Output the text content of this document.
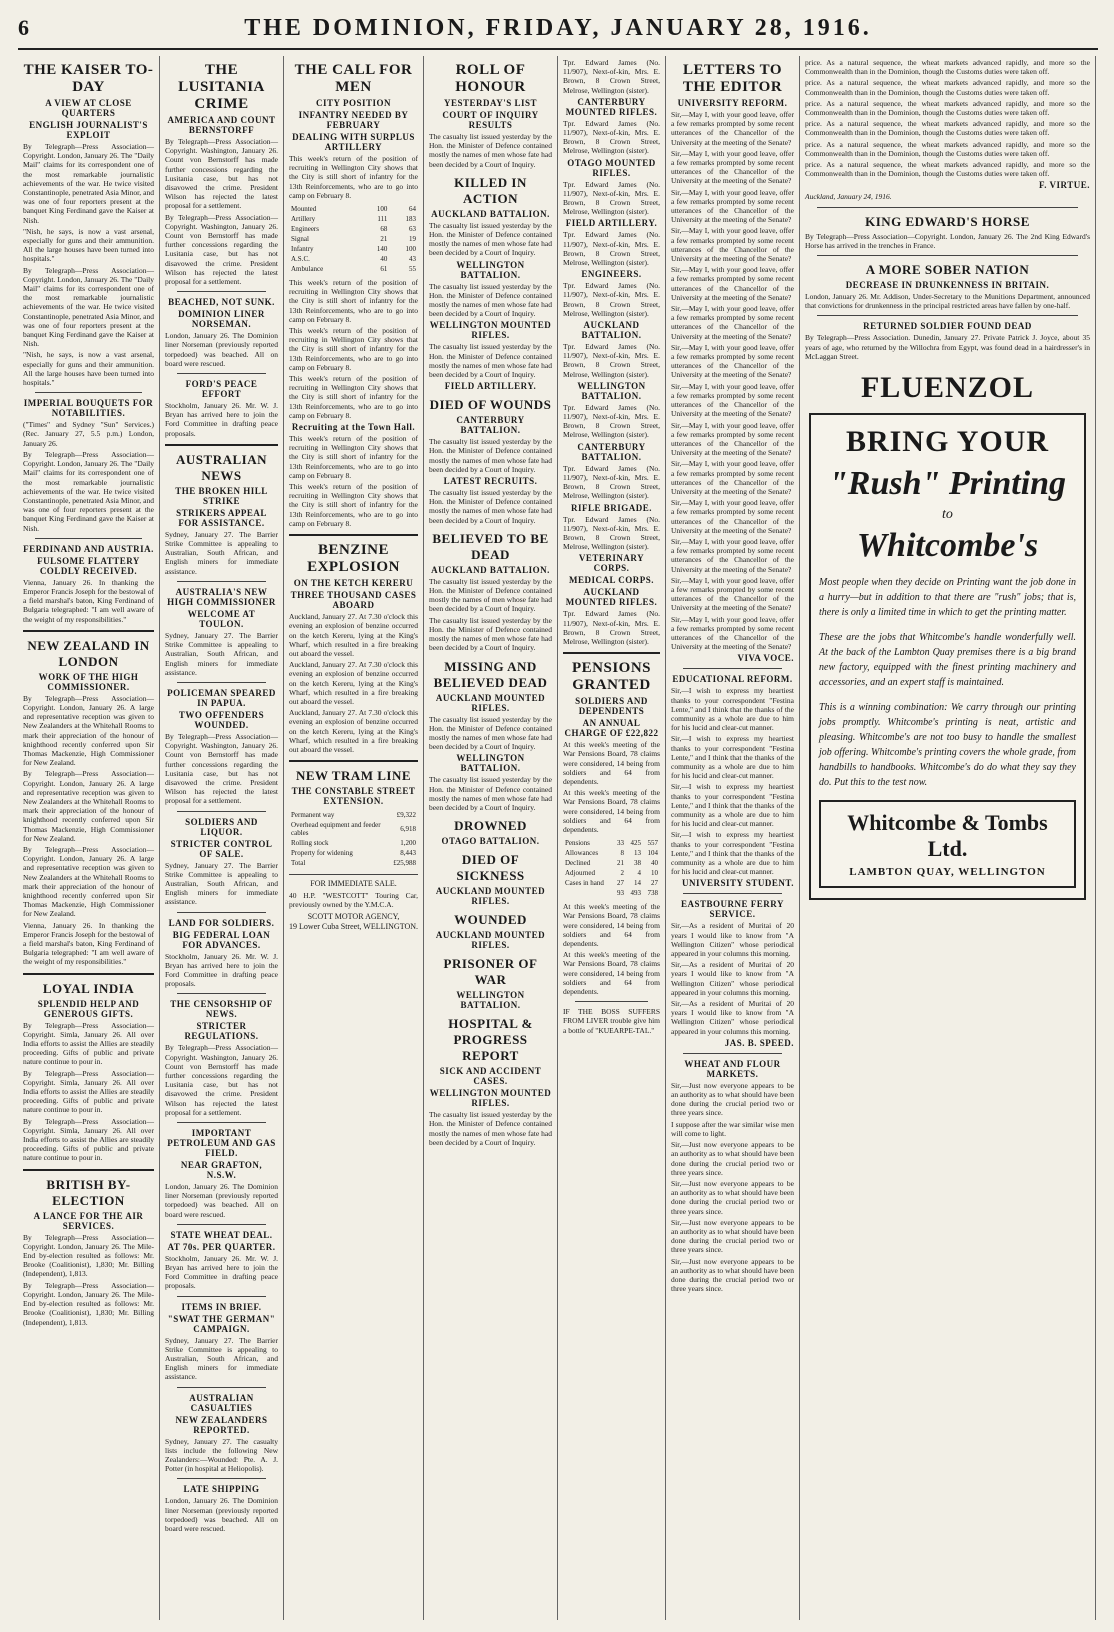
6	THE DOMINION, FRIDAY, JANUARY 28, 1916.
THE KAISER TO-DAY
A VIEW AT CLOSE QUARTERS
ENGLISH JOURNALIST'S EXPLOIT
By Telegraph—Press Association—Copyright. London, January 26. The "Daily Mail" claims for its correspondent one of the most remarkable journalistic achievements of the war. He twice visited Constantinople, penetrated Asia Minor, and was one of four reporters present at the banquet King Ferdinand gave the Kaiser at Nish.
"Nish, he says, is now a vast arsenal, especially for guns and their ammunition. All the large houses have been turned into hospitals."
By Telegraph—Press Association—Copyright. London, January 26. The "Daily Mail" claims for its correspondent one of the most remarkable journalistic achievements of the war. He twice visited Constantinople, penetrated Asia Minor, and was one of four reporters present at the banquet King Ferdinand gave the Kaiser at Nish.
"Nish, he says, is now a vast arsenal, especially for guns and their ammunition. All the large houses have been turned into hospitals."
IMPERIAL BOUQUETS FOR NOTABILITIES.
("Times" and Sydney "Sun" Services.) (Rec. January 27, 5.5 p.m.) London, January 26.
By Telegraph—Press Association—Copyright. London, January 26. The "Daily Mail" claims for its correspondent one of the most remarkable journalistic achievements of the war. He twice visited Constantinople, penetrated Asia Minor, and was one of four reporters present at the banquet King Ferdinand gave the Kaiser at Nish.
FERDINAND AND AUSTRIA.
FULSOME FLATTERY COLDLY RECEIVED.
Vienna, January 26. In thanking the Emperor Francis Joseph for the bestowal of a field marshal's baton, King Ferdinand of Bulgaria telegraphed: "I am well aware of the weight of my responsibilities."
NEW ZEALAND IN LONDON
WORK OF THE HIGH COMMISSIONER.
By Telegraph—Press Association—Copyright. London, January 26. A large and representative reception was given to New Zealanders at the Whitehall Rooms to mark their appreciation of the honour of knighthood recently conferred upon Sir Thomas Mackenzie, High Commissioner for New Zealand.
By Telegraph—Press Association—Copyright. London, January 26. A large and representative reception was given to New Zealanders at the Whitehall Rooms to mark their appreciation of the honour of knighthood recently conferred upon Sir Thomas Mackenzie, High Commissioner for New Zealand.
By Telegraph—Press Association—Copyright. London, January 26. A large and representative reception was given to New Zealanders at the Whitehall Rooms to mark their appreciation of the honour of knighthood recently conferred upon Sir Thomas Mackenzie, High Commissioner for New Zealand.
Vienna, January 26. In thanking the Emperor Francis Joseph for the bestowal of a field marshal's baton, King Ferdinand of Bulgaria telegraphed: "I am well aware of the weight of my responsibilities."
LOYAL INDIA
SPLENDID HELP AND GENEROUS GIFTS.
By Telegraph—Press Association—Copyright. Simla, January 26. All over India efforts to assist the Allies are steadily proceeding. Gifts of public and private nature continue to pour in.
By Telegraph—Press Association—Copyright. Simla, January 26. All over India efforts to assist the Allies are steadily proceeding. Gifts of public and private nature continue to pour in.
By Telegraph—Press Association—Copyright. Simla, January 26. All over India efforts to assist the Allies are steadily proceeding. Gifts of public and private nature continue to pour in.
BRITISH BY-ELECTION
A LANCE FOR THE AIR SERVICES.
By Telegraph—Press Association—Copyright. London, January 26. The Mile-End by-election resulted as follows: Mr. Brooke (Coalitionist), 1,830; Mr. Billing (Independent), 1,813.
By Telegraph—Press Association—Copyright. London, January 26. The Mile-End by-election resulted as follows: Mr. Brooke (Coalitionist), 1,830; Mr. Billing (Independent), 1,813.
THE LUSITANIA CRIME
AMERICA AND COUNT BERNSTORFF
By Telegraph—Press Association—Copyright. Washington, January 26. Count von Bernstorff has made further concessions regarding the Lusitania case, but has not disavowed the crime. President Wilson has rejected the latest proposal for a settlement.
By Telegraph—Press Association—Copyright. Washington, January 26. Count von Bernstorff has made further concessions regarding the Lusitania case, but has not disavowed the crime. President Wilson has rejected the latest proposal for a settlement.
BEACHED, NOT SUNK.
DOMINION LINER NORSEMAN.
London, January 26. The Dominion liner Norseman (previously reported torpedoed) was beached. All on board were rescued.
FORD'S PEACE EFFORT
Stockholm, January 26. Mr. W. J. Bryan has arrived here to join the Ford Committee in drafting peace proposals.
AUSTRALIAN NEWS
THE BROKEN HILL STRIKE
STRIKERS APPEAL FOR ASSISTANCE.
Sydney, January 27. The Barrier Strike Committee is appealing to Australian, South African, and English miners for immediate assistance.
AUSTRALIA'S NEW HIGH COMMISSIONER
WELCOME AT TOULON.
Sydney, January 27. The Barrier Strike Committee is appealing to Australian, South African, and English miners for immediate assistance.
POLICEMAN SPEARED IN PAPUA.
TWO OFFENDERS WOUNDED.
By Telegraph—Press Association—Copyright. Washington, January 26. Count von Bernstorff has made further concessions regarding the Lusitania case, but has not disavowed the crime. President Wilson has rejected the latest proposal for a settlement.
SOLDIERS AND LIQUOR.
STRICTER CONTROL OF SALE.
Sydney, January 27. The Barrier Strike Committee is appealing to Australian, South African, and English miners for immediate assistance.
LAND FOR SOLDIERS.
BIG FEDERAL LOAN FOR ADVANCES.
Stockholm, January 26. Mr. W. J. Bryan has arrived here to join the Ford Committee in drafting peace proposals.
THE CENSORSHIP OF NEWS.
STRICTER REGULATIONS.
By Telegraph—Press Association—Copyright. Washington, January 26. Count von Bernstorff has made further concessions regarding the Lusitania case, but has not disavowed the crime. President Wilson has rejected the latest proposal for a settlement.
IMPORTANT PETROLEUM AND GAS FIELD.
NEAR GRAFTON, N.S.W.
London, January 26. The Dominion liner Norseman (previously reported torpedoed) was beached. All on board were rescued.
STATE WHEAT DEAL.
AT 70s. PER QUARTER.
Stockholm, January 26. Mr. W. J. Bryan has arrived here to join the Ford Committee in drafting peace proposals.
ITEMS IN BRIEF.
"SWAT THE GERMAN" CAMPAIGN.
Sydney, January 27. The Barrier Strike Committee is appealing to Australian, South African, and English miners for immediate assistance.
AUSTRALIAN CASUALTIES
NEW ZEALANDERS REPORTED.
Sydney, January 27. The casualty lists include the following New Zealanders:—Wounded: Pte. A. J. Potter (in hospital at Heliopolis).
LATE SHIPPING
London, January 26. The Dominion liner Norseman (previously reported torpedoed) was beached. All on board were rescued.
THE CALL FOR MEN
CITY POSITION
INFANTRY NEEDED BY FEBRUARY
DEALING WITH SURPLUS ARTILLERY
This week's return of the position of recruiting in Wellington City shows that the City is still short of infantry for the 13th Reinforcements, who are to go into camp on February 8.
Mounted	100	64
Artillery	111	183
Engineers	68	63
Signal	21	19
Infantry	140	100
A.S.C.	40	43
Ambulance	61	55
This week's return of the position of recruiting in Wellington City shows that the City is still short of infantry for the 13th Reinforcements, who are to go into camp on February 8.
This week's return of the position of recruiting in Wellington City shows that the City is still short of infantry for the 13th Reinforcements, who are to go into camp on February 8.
This week's return of the position of recruiting in Wellington City shows that the City is still short of infantry for the 13th Reinforcements, who are to go into camp on February 8.
Recruiting at the Town Hall.
This week's return of the position of recruiting in Wellington City shows that the City is still short of infantry for the 13th Reinforcements, who are to go into camp on February 8.
This week's return of the position of recruiting in Wellington City shows that the City is still short of infantry for the 13th Reinforcements, who are to go into camp on February 8.
BENZINE EXPLOSION
ON THE KETCH KERERU
THREE THOUSAND CASES ABOARD
Auckland, January 27. At 7.30 o'clock this evening an explosion of benzine occurred on the ketch Kereru, lying at the King's Wharf, which resulted in a fire breaking out aboard the vessel.
Auckland, January 27. At 7.30 o'clock this evening an explosion of benzine occurred on the ketch Kereru, lying at the King's Wharf, which resulted in a fire breaking out aboard the vessel.
Auckland, January 27. At 7.30 o'clock this evening an explosion of benzine occurred on the ketch Kereru, lying at the King's Wharf, which resulted in a fire breaking out aboard the vessel.
NEW TRAM LINE
THE CONSTABLE STREET EXTENSION.
Permanent way	£9,322
Overhead equipment and feeder cables	6,918
Rolling stock	1,200
Property for widening	8,443
Total	£25,988
FOR IMMEDIATE SALE.
40 H.P. "WESTCOTT" Touring Car, previously owned by the Y.M.C.A.
SCOTT MOTOR AGENCY,
19 Lower Cuba Street, WELLINGTON.
ROLL OF HONOUR
YESTERDAY'S LIST
COURT OF INQUIRY RESULTS
The casualty list issued yesterday by the Hon. the Minister of Defence contained mostly the names of men whose fate had been decided by a Court of Inquiry.
KILLED IN ACTION
AUCKLAND BATTALION.
The casualty list issued yesterday by the Hon. the Minister of Defence contained mostly the names of men whose fate had been decided by a Court of Inquiry.
WELLINGTON BATTALION.
The casualty list issued yesterday by the Hon. the Minister of Defence contained mostly the names of men whose fate had been decided by a Court of Inquiry.
WELLINGTON MOUNTED RIFLES.
The casualty list issued yesterday by the Hon. the Minister of Defence contained mostly the names of men whose fate had been decided by a Court of Inquiry.
FIELD ARTILLERY.
DIED OF WOUNDS
CANTERBURY BATTALION.
The casualty list issued yesterday by the Hon. the Minister of Defence contained mostly the names of men whose fate had been decided by a Court of Inquiry.
LATEST RECRUITS.
The casualty list issued yesterday by the Hon. the Minister of Defence contained mostly the names of men whose fate had been decided by a Court of Inquiry.
BELIEVED TO BE DEAD
AUCKLAND BATTALION.
The casualty list issued yesterday by the Hon. the Minister of Defence contained mostly the names of men whose fate had been decided by a Court of Inquiry.
The casualty list issued yesterday by the Hon. the Minister of Defence contained mostly the names of men whose fate had been decided by a Court of Inquiry.
MISSING AND BELIEVED DEAD
AUCKLAND MOUNTED RIFLES.
The casualty list issued yesterday by the Hon. the Minister of Defence contained mostly the names of men whose fate had been decided by a Court of Inquiry.
WELLINGTON BATTALION.
The casualty list issued yesterday by the Hon. the Minister of Defence contained mostly the names of men whose fate had been decided by a Court of Inquiry.
DROWNED
OTAGO BATTALION.
DIED OF SICKNESS
AUCKLAND MOUNTED RIFLES.
WOUNDED
AUCKLAND MOUNTED RIFLES.
PRISONER OF WAR
WELLINGTON BATTALION.
HOSPITAL & PROGRESS REPORT
SICK AND ACCIDENT CASES.
WELLINGTON MOUNTED RIFLES.
The casualty list issued yesterday by the Hon. the Minister of Defence contained mostly the names of men whose fate had been decided by a Court of Inquiry.
Tpr. Edward James (No. 11/907), Next-of-kin, Mrs. E. Brown, 8 Crown Street, Melrose, Wellington (sister).
CANTERBURY MOUNTED RIFLES.
Tpr. Edward James (No. 11/907), Next-of-kin, Mrs. E. Brown, 8 Crown Street, Melrose, Wellington (sister).
OTAGO MOUNTED RIFLES.
Tpr. Edward James (No. 11/907), Next-of-kin, Mrs. E. Brown, 8 Crown Street, Melrose, Wellington (sister).
FIELD ARTILLERY.
Tpr. Edward James (No. 11/907), Next-of-kin, Mrs. E. Brown, 8 Crown Street, Melrose, Wellington (sister).
ENGINEERS.
Tpr. Edward James (No. 11/907), Next-of-kin, Mrs. E. Brown, 8 Crown Street, Melrose, Wellington (sister).
AUCKLAND BATTALION.
Tpr. Edward James (No. 11/907), Next-of-kin, Mrs. E. Brown, 8 Crown Street, Melrose, Wellington (sister).
WELLINGTON BATTALION.
Tpr. Edward James (No. 11/907), Next-of-kin, Mrs. E. Brown, 8 Crown Street, Melrose, Wellington (sister).
CANTERBURY BATTALION.
Tpr. Edward James (No. 11/907), Next-of-kin, Mrs. E. Brown, 8 Crown Street, Melrose, Wellington (sister).
RIFLE BRIGADE.
Tpr. Edward James (No. 11/907), Next-of-kin, Mrs. E. Brown, 8 Crown Street, Melrose, Wellington (sister).
VETERINARY CORPS.
MEDICAL CORPS.
AUCKLAND MOUNTED RIFLES.
Tpr. Edward James (No. 11/907), Next-of-kin, Mrs. E. Brown, 8 Crown Street, Melrose, Wellington (sister).
PENSIONS GRANTED
SOLDIERS AND DEPENDENTS
AN ANNUAL CHARGE OF £22,822
At this week's meeting of the War Pensions Board, 78 claims were considered, 14 being from soldiers and 64 from dependents.
At this week's meeting of the War Pensions Board, 78 claims were considered, 14 being from soldiers and 64 from dependents.
Pensions	33	425	557
Allowances	8	13	104
Declined	21	38	40
Adjourned	2	4	10
Cases in hand	27	14	27
	93	493	738
At this week's meeting of the War Pensions Board, 78 claims were considered, 14 being from soldiers and 64 from dependents.
At this week's meeting of the War Pensions Board, 78 claims were considered, 14 being from soldiers and 64 from dependents.
IF THE BOSS SUFFERS FROM LIVER trouble give him a bottle of "KUEARPE-TAL."
LETTERS TO THE EDITOR
UNIVERSITY REFORM.
Sir,—May I, with your good leave, offer a few remarks prompted by some recent utterances of the Chancellor of the University at the meeting of the Senate?
Sir,—May I, with your good leave, offer a few remarks prompted by some recent utterances of the Chancellor of the University at the meeting of the Senate?
Sir,—May I, with your good leave, offer a few remarks prompted by some recent utterances of the Chancellor of the University at the meeting of the Senate?
Sir,—May I, with your good leave, offer a few remarks prompted by some recent utterances of the Chancellor of the University at the meeting of the Senate?
Sir,—May I, with your good leave, offer a few remarks prompted by some recent utterances of the Chancellor of the University at the meeting of the Senate?
Sir,—May I, with your good leave, offer a few remarks prompted by some recent utterances of the Chancellor of the University at the meeting of the Senate?
Sir,—May I, with your good leave, offer a few remarks prompted by some recent utterances of the Chancellor of the University at the meeting of the Senate?
Sir,—May I, with your good leave, offer a few remarks prompted by some recent utterances of the Chancellor of the University at the meeting of the Senate?
Sir,—May I, with your good leave, offer a few remarks prompted by some recent utterances of the Chancellor of the University at the meeting of the Senate?
Sir,—May I, with your good leave, offer a few remarks prompted by some recent utterances of the Chancellor of the University at the meeting of the Senate?
Sir,—May I, with your good leave, offer a few remarks prompted by some recent utterances of the Chancellor of the University at the meeting of the Senate?
Sir,—May I, with your good leave, offer a few remarks prompted by some recent utterances of the Chancellor of the University at the meeting of the Senate?
Sir,—May I, with your good leave, offer a few remarks prompted by some recent utterances of the Chancellor of the University at the meeting of the Senate?
Sir,—May I, with your good leave, offer a few remarks prompted by some recent utterances of the Chancellor of the University at the meeting of the Senate?
VIVA VOCE.
EDUCATIONAL REFORM.
Sir,—I wish to express my heartiest thanks to your correspondent "Festina Lente," and I think that the thanks of the community as a whole are due to him for his lucid and clear-cut manner.
Sir,—I wish to express my heartiest thanks to your correspondent "Festina Lente," and I think that the thanks of the community as a whole are due to him for his lucid and clear-cut manner.
Sir,—I wish to express my heartiest thanks to your correspondent "Festina Lente," and I think that the thanks of the community as a whole are due to him for his lucid and clear-cut manner.
Sir,—I wish to express my heartiest thanks to your correspondent "Festina Lente," and I think that the thanks of the community as a whole are due to him for his lucid and clear-cut manner.
UNIVERSITY STUDENT.
EASTBOURNE FERRY SERVICE.
Sir,—As a resident of Muritai of 20 years I would like to know from "A Wellington Citizen" whose periodical appeared in your columns this morning.
Sir,—As a resident of Muritai of 20 years I would like to know from "A Wellington Citizen" whose periodical appeared in your columns this morning.
Sir,—As a resident of Muritai of 20 years I would like to know from "A Wellington Citizen" whose periodical appeared in your columns this morning.
JAS. B. SPEED.
WHEAT AND FLOUR MARKETS.
Sir,—Just now everyone appears to be an authority as to what should have been done during the crucial period two or three years since.
I suppose after the war similar wise men will come to light.
Sir,—Just now everyone appears to be an authority as to what should have been done during the crucial period two or three years since.
Sir,—Just now everyone appears to be an authority as to what should have been done during the crucial period two or three years since.
Sir,—Just now everyone appears to be an authority as to what should have been done during the crucial period two or three years since.
Sir,—Just now everyone appears to be an authority as to what should have been done during the crucial period two or three years since.
price. As a natural sequence, the wheat markets advanced rapidly, and more so the Commonwealth than in the Dominion, though the Customs duties were taken off.
price. As a natural sequence, the wheat markets advanced rapidly, and more so the Commonwealth than in the Dominion, though the Customs duties were taken off.
price. As a natural sequence, the wheat markets advanced rapidly, and more so the Commonwealth than in the Dominion, though the Customs duties were taken off.
price. As a natural sequence, the wheat markets advanced rapidly, and more so the Commonwealth than in the Dominion, though the Customs duties were taken off.
price. As a natural sequence, the wheat markets advanced rapidly, and more so the Commonwealth than in the Dominion, though the Customs duties were taken off.
price. As a natural sequence, the wheat markets advanced rapidly, and more so the Commonwealth than in the Dominion, though the Customs duties were taken off.
F. VIRTUE.
Auckland, January 24, 1916.
KING EDWARD'S HORSE
By Telegraph—Press Association—Copyright. London, January 26. The 2nd King Edward's Horse has arrived in the trenches in France.
A MORE SOBER NATION
DECREASE IN DRUNKENNESS IN BRITAIN.
London, January 26. Mr. Addison, Under-Secretary to the Munitions Department, announced that convictions for drunkenness in the principal restricted areas have fallen by one-half.
RETURNED SOLDIER FOUND DEAD
By Telegraph—Press Association. Dunedin, January 27. Private Patrick J. Joyce, about 35 years of age, who returned by the Willochra from Egypt, was found dead in a hairdresser's in McLaggan Street.
FLUENZOL
BRING YOUR
"Rush" Printing
to
Whitcombe's
Most people when they decide on Printing want the job done in a hurry—but in addition to that there are "rush" jobs; that is, there is only a limited time in which to get the printing matter.
These are the jobs that Whitcombe's handle wonderfully well. At the back of the Lambton Quay premises there is a big brand new factory, equipped with the finest printing machinery and accessories, and an expert staff is maintained.
This is a winning combination: We carry through our printing jobs promptly. Whitcombe's printing is neat, artistic and pleasing. Whitcombe's are not too busy to handle the smallest job offering. Whitcombe's printing covers the whole grade, from handbills to handbooks. Whitcombe's do do what they say they do. Put this to the test now.
Whitcombe & Tombs Ltd.
LAMBTON QUAY, WELLINGTON
